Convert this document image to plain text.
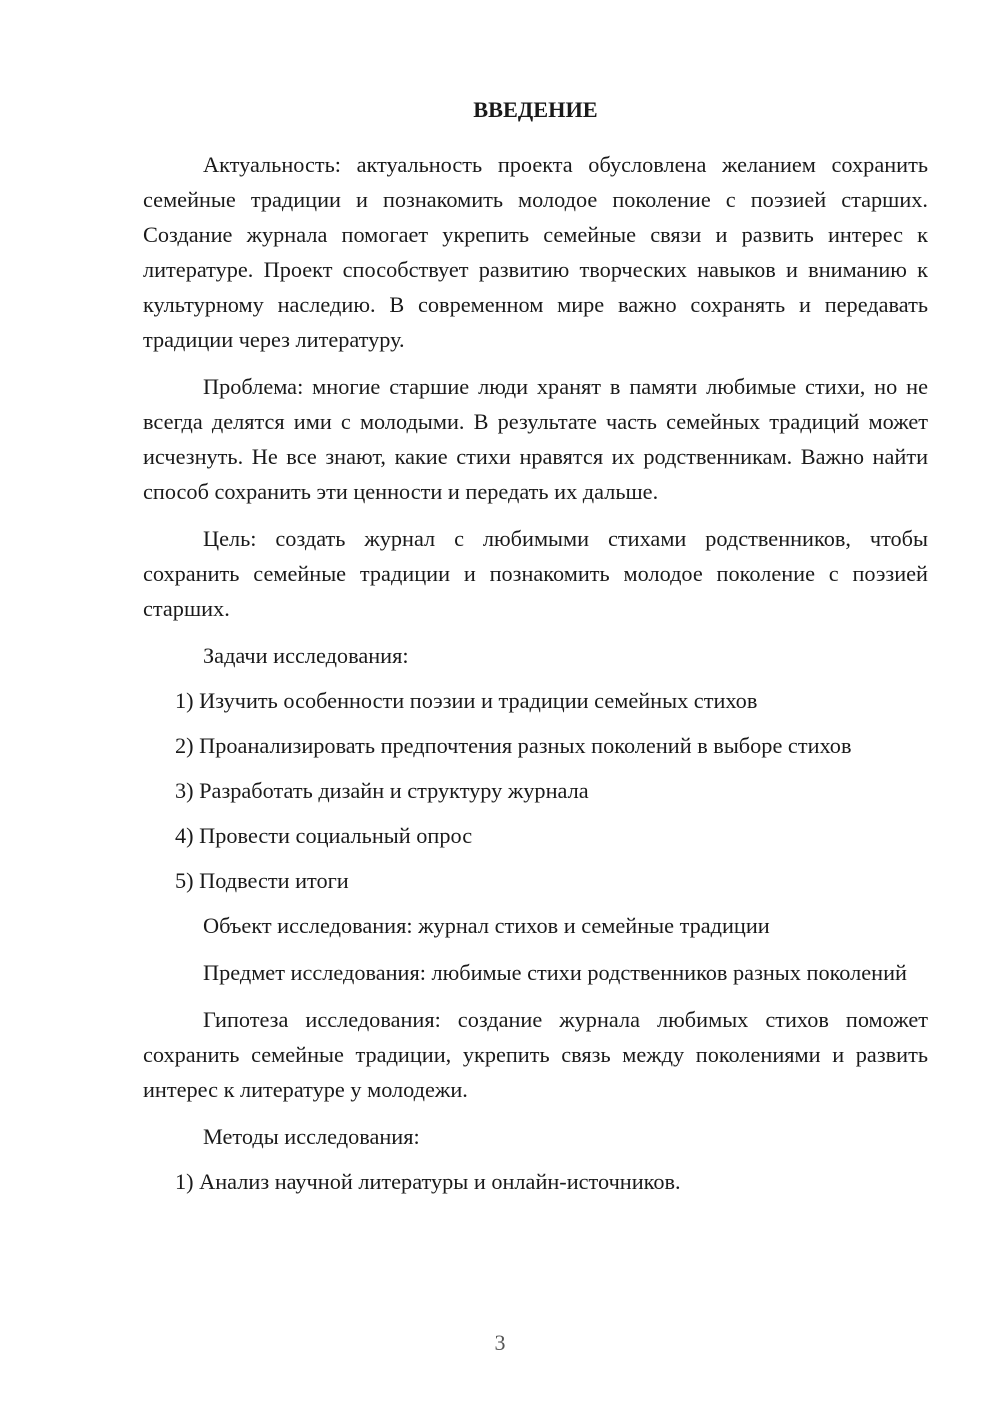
ВВЕДЕНИЕ

Актуальность: актуальность проекта обусловлена желанием сохранить семейные традиции и познакомить молодое поколение с поэзией старших. Создание журнала помогает укрепить семейные связи и развить интерес к литературе. Проект способствует развитию творческих навыков и вниманию к культурному наследию. В современном мире важно сохранять и передавать традиции через литературу.

Проблема: многие старшие люди хранят в памяти любимые стихи, но не всегда делятся ими с молодыми. В результате часть семейных традиций может исчезнуть. Не все знают, какие стихи нравятся их родственникам. Важно найти способ сохранить эти ценности и передать их дальше.

Цель: создать журнал с любимыми стихами родственников, чтобы сохранить семейные традиции и познакомить молодое поколение с поэзией старших.

Задачи исследования:

1) Изучить особенности поэзии и традиции семейных стихов

2) Проанализировать предпочтения разных поколений в выборе стихов

3) Разработать дизайн и структуру журнала

4) Провести социальный опрос

5) Подвести итоги

Объект исследования: журнал стихов и семейные традиции

Предмет исследования: любимые стихи родственников разных поколений

Гипотеза исследования: создание журнала любимых стихов поможет сохранить семейные традиции, укрепить связь между поколениями и развить интерес к литературе у молодежи.

Методы исследования:

1) Анализ научной литературы и онлайн-источников.

3
